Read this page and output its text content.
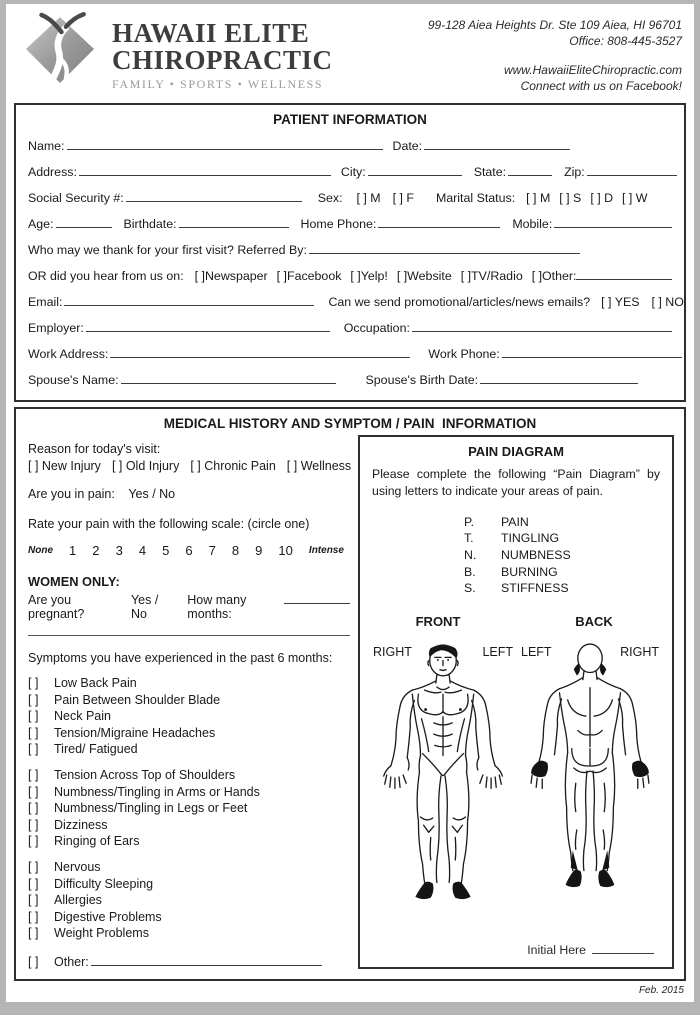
HAWAII ELITE
CHIROPRACTIC
FAMILY • SPORTS • WELLNESS
99-128 Aiea Heights Dr. Ste 109 Aiea, HI 96701
Office: 808-445-3527
www.HawaiiEliteChiropractic.com
Connect with us on Facebook!
PATIENT INFORMATION
Name:	Date:
Address:	City:	State:	Zip:
Social Security #:	Sex: [ ] M [ ] F Marital Status: [ ] M [ ] S [ ] D [ ] W
Age:	Birthdate:	Home Phone:	Mobile:
Who may we thank for your first visit? Referred By:
OR did you hear from us on: [ ]Newspaper [ ]Facebook [ ]Yelp! [ ]Website [ ]TV/Radio [ ]Other:
Email:	Can we send promotional/articles/news emails? [ ] YES [ ] NO
Employer:	Occupation:
Work Address:	Work Phone:
Spouse's Name:	Spouse's Birth Date:
MEDICAL HISTORY AND SYMPTOM / PAIN  INFORMATION
Reason for today's visit:
[ ] New Injury [ ] Old Injury [ ] Chronic Pain [ ] Wellness
Are you in pain: Yes / No
Rate your pain with the following scale: (circle one)
None 1 2 3 4 5 6 7 8 9 10 Intense
WOMEN ONLY:
Are you pregnant?
Yes / No
How many months:
Symptoms you have experienced in the past 6 months:
[ ]	Low Back Pain
[ ]	Pain Between Shoulder Blade
[ ]	Neck Pain
[ ]	Tension/Migraine Headaches
[ ]	Tired/ Fatigued
[ ]	Tension Across Top of Shoulders
[ ]	Numbness/Tingling in Arms or Hands
[ ]	Numbness/Tingling in Legs or Feet
[ ]	Dizziness
[ ]	Ringing of Ears
[ ]	Nervous
[ ]	Difficulty Sleeping
[ ]	Allergies
[ ]	Digestive Problems
[ ]	Weight Problems
[ ]	Other:
PAIN DIAGRAM
Please complete the following “Pain Diagram” by using letters to indicate your areas of pain.
P.	PAIN
T.	TINGLING
N.	NUMBNESS
B.	BURNING
S.	STIFFNESS
FRONT	BACK
RIGHT	LEFT LEFT	RIGHT
Initial Here
Feb. 2015
